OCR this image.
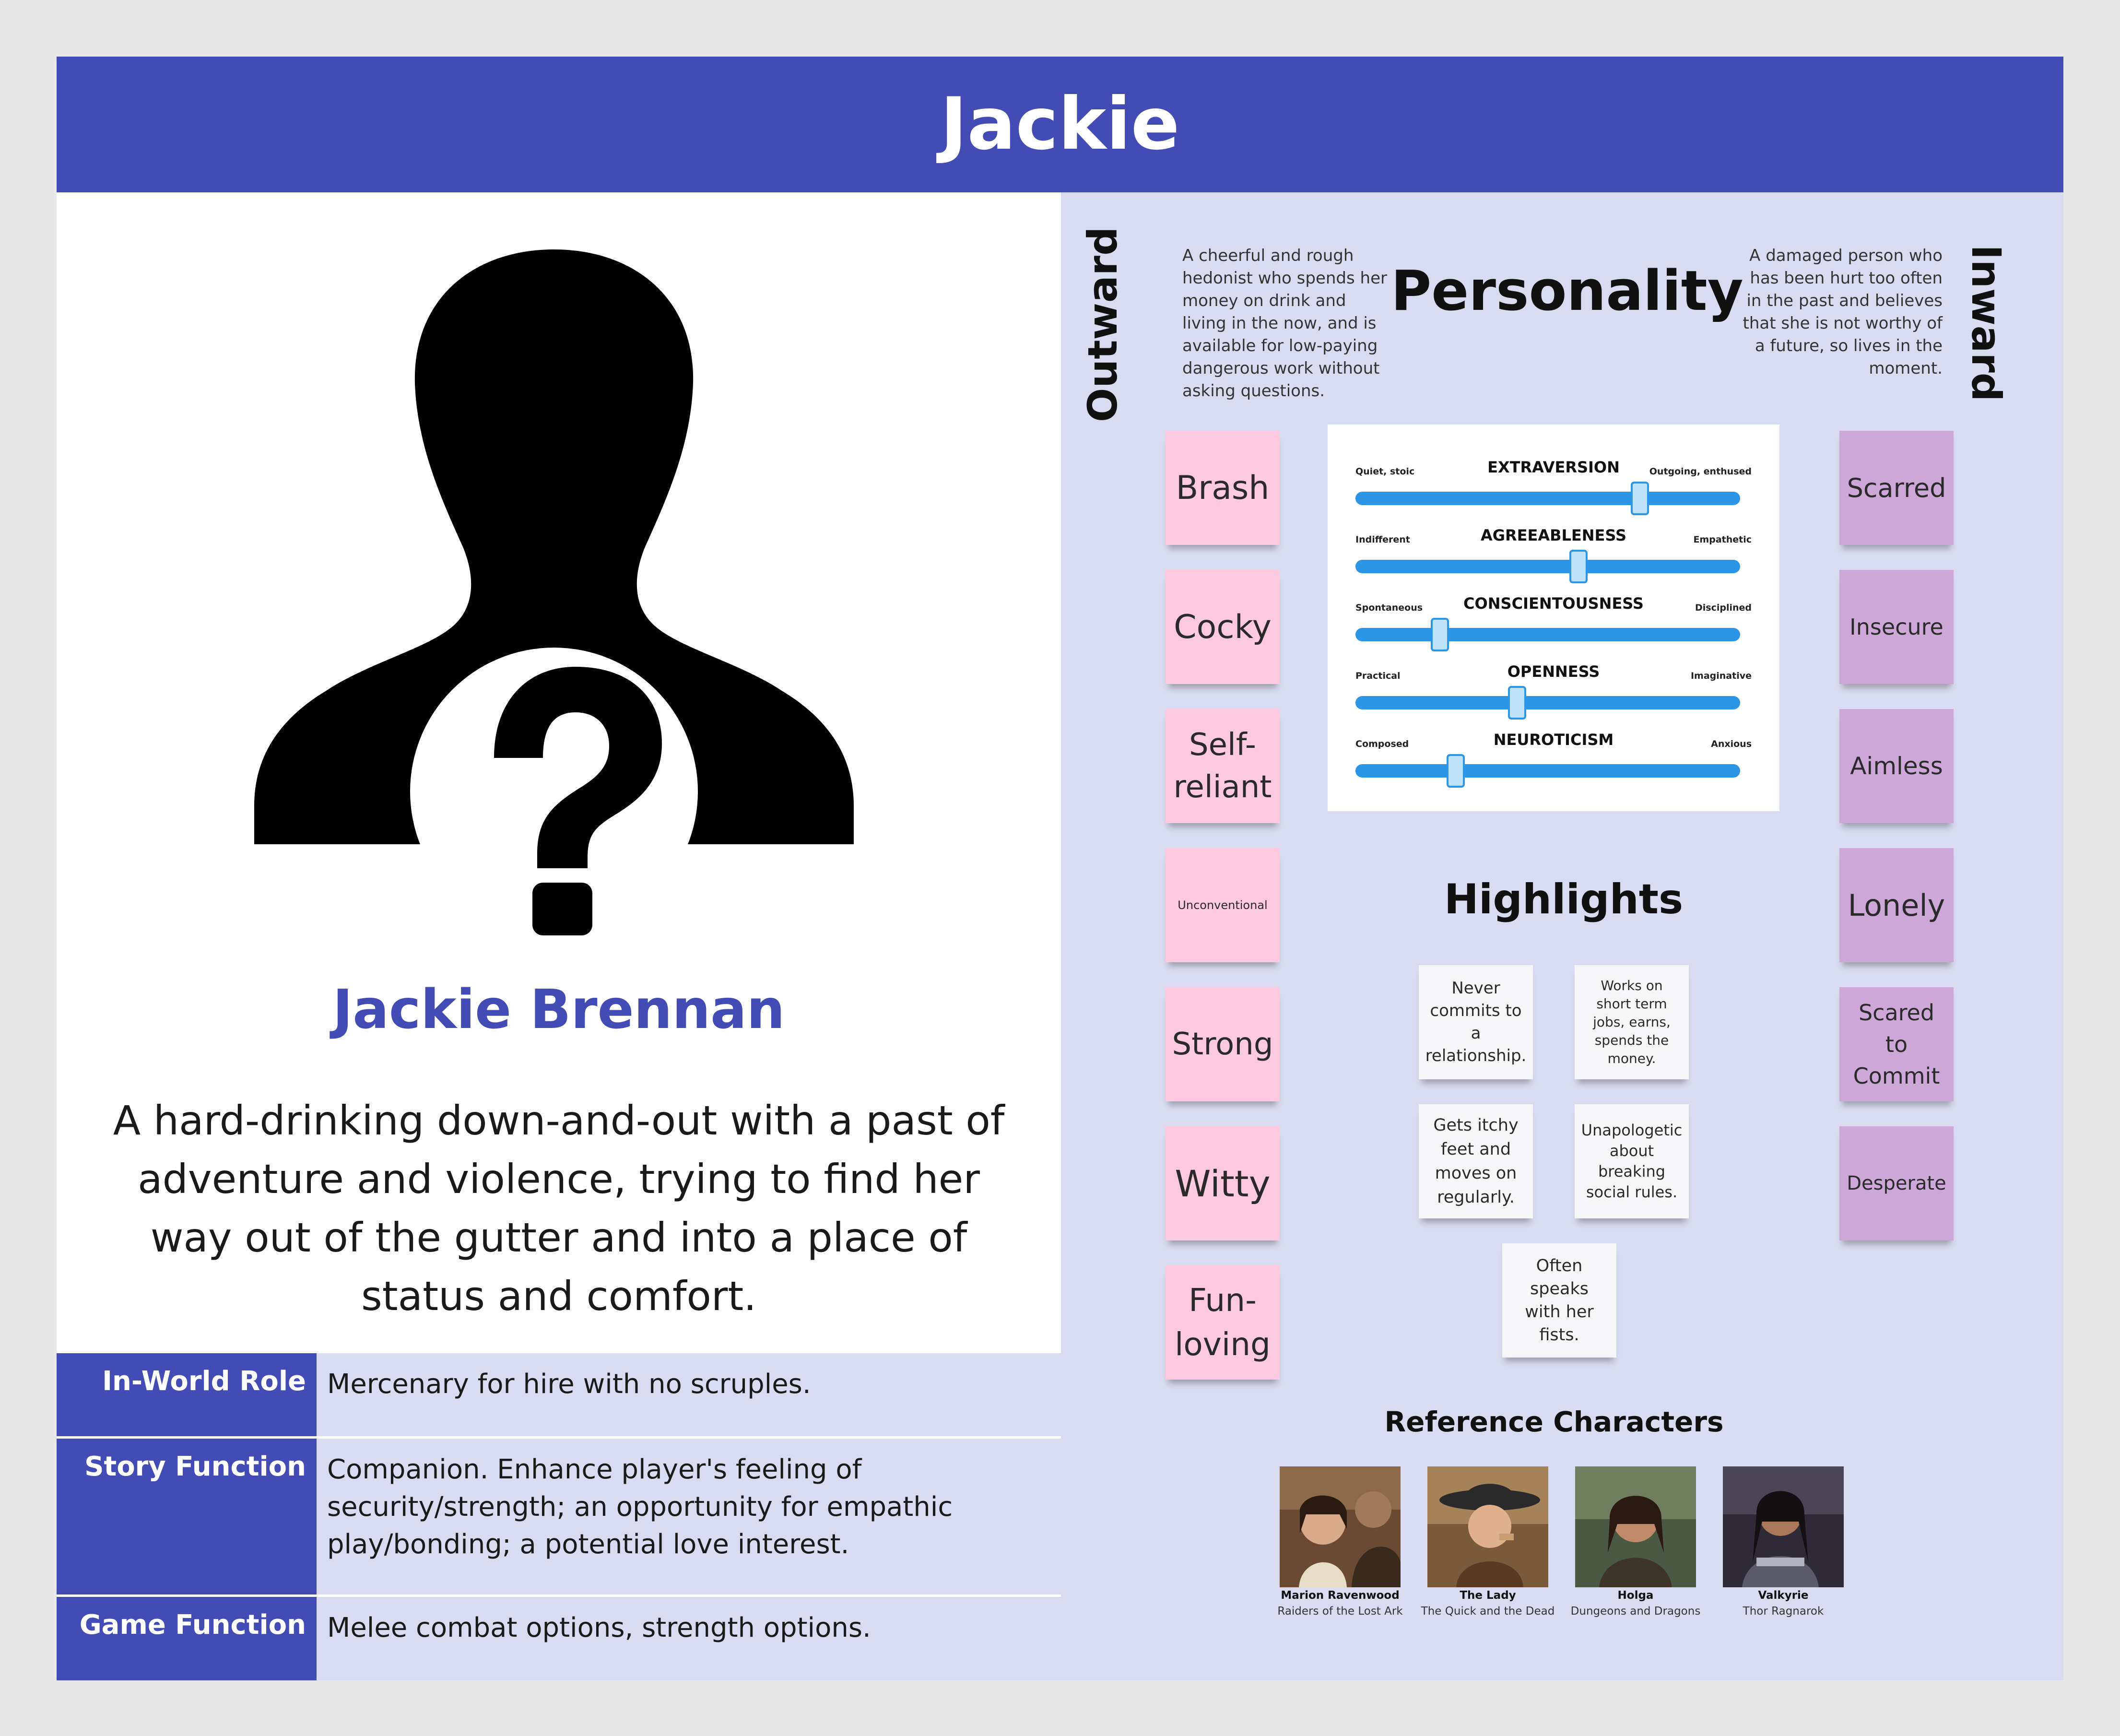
Jackie
Jackie Brennan
A hard-drinking down-and-out with a past of adventure and violence, trying to find her way out of the gutter and into a place of status and comfort.
In-World Role Mercenary for hire with no scruples.
Story Function Companion. Enhance player's feeling of security/strength; an opportunity for empathic play/bonding; a potential love interest.
Game Function Melee combat options, strength options.
Outward	Inward
A cheerful and rough hedonist who spends her money on drink and living in the now, and is available for low-paying dangerous work without asking questions.
A damaged person who has been hurt too often in the past and believes that she is not worthy of a future, so lives in the moment.
Personality
Brash
Cocky
Self-reliant
Unconventional
Strong
Witty
Fun-loving
Scarred
Insecure
Aimless
Lonely
Scared to Commit
Desperate
EXTRAVERSION
Quiet, stoic	Outgoing, enthused
AGREEABLENESS
Indifferent	Empathetic
CONSCIENTOUSNESS
Spontaneous	Disciplined
OPENNESS
Practical	Imaginative
NEUROTICISM
Composed	Anxious
Highlights
Never commits to a relationship.
Works on short term jobs, earns, spends the money.
Gets itchy feet and moves on regularly.
Unapologetic about breaking social rules.
Often speaks with her fists.
Reference Characters
Marion Ravenwood
Raiders of the Lost Ark
The Lady
The Quick and the Dead
Holga
Dungeons and Dragons
Valkyrie
Thor Ragnarok
